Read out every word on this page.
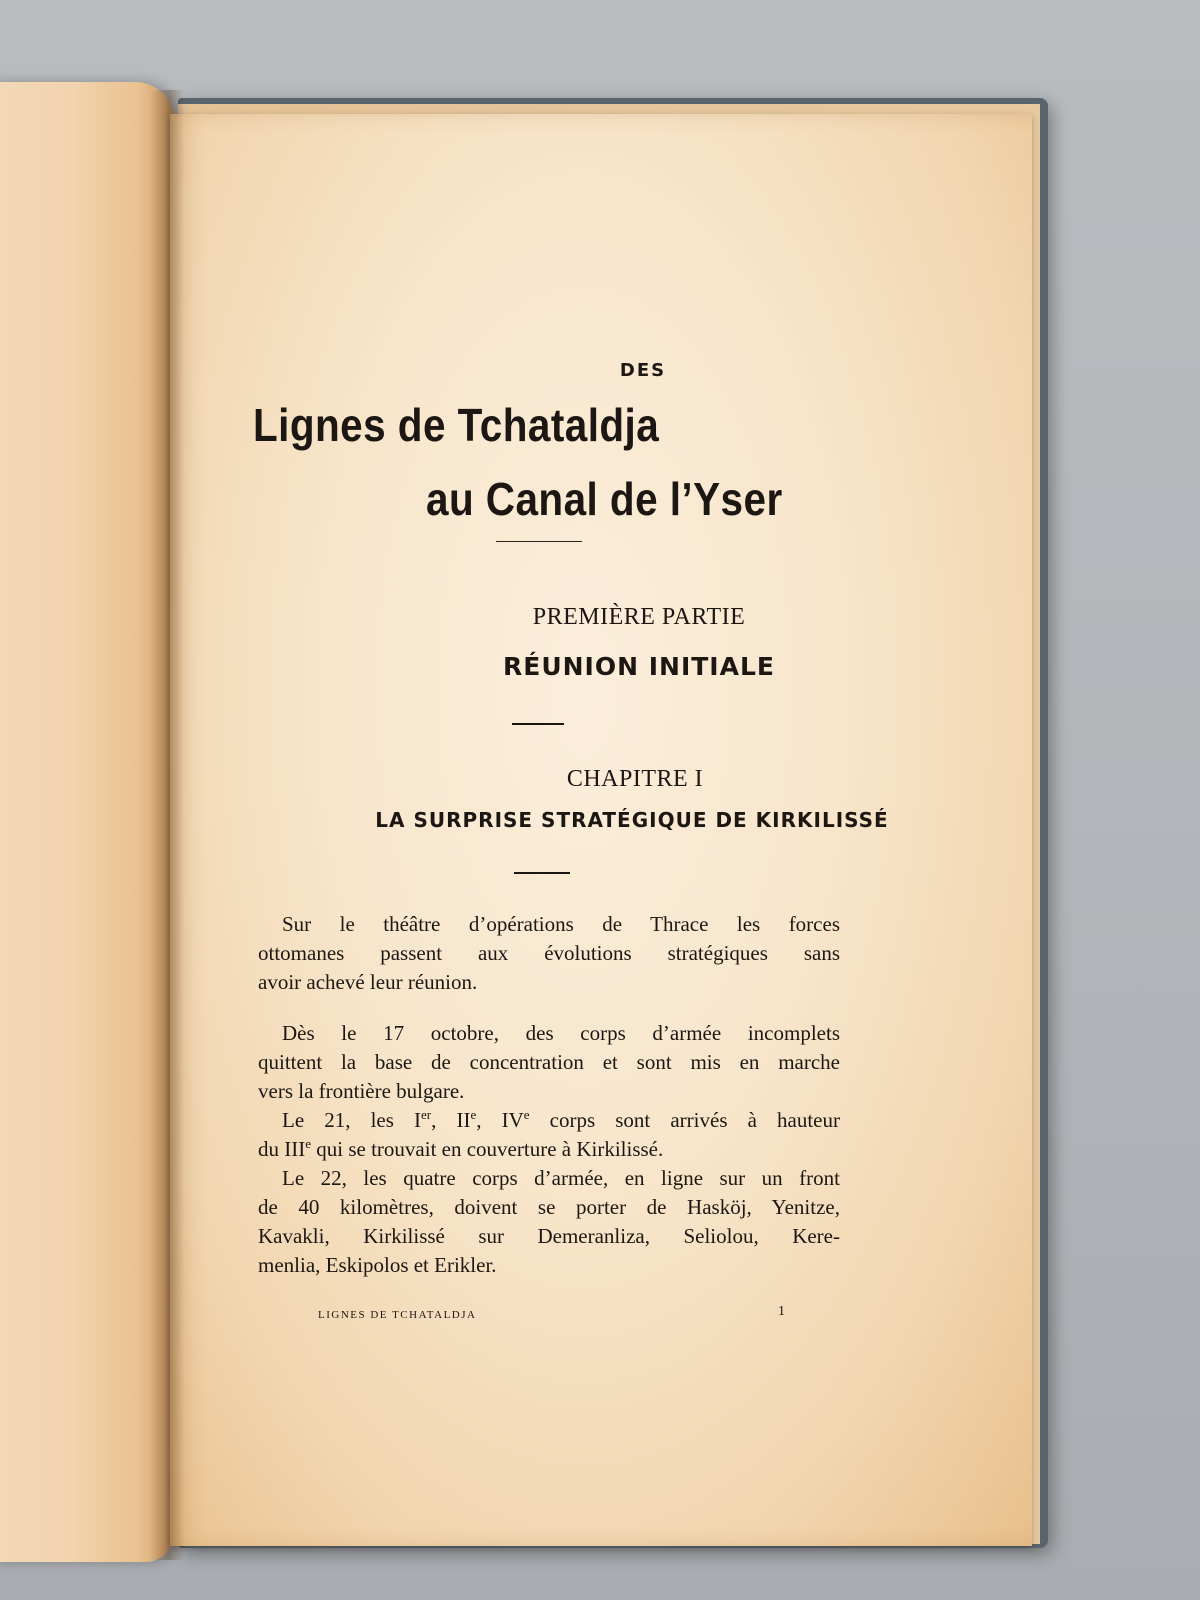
DES
Lignes de Tchataldja
au Canal de l’Yser
PREMIÈRE PARTIE
RÉUNION INITIALE
CHAPITRE I
LA SURPRISE STRATÉGIQUE DE KIRKILISSÉ
Sur le théâtre d’opérations de Thrace les forces
ottomanes passent aux évolutions stratégiques sans
avoir achevé leur réunion.
Dès le 17 octobre, des corps d’armée incomplets
quittent la base de concentration et sont mis en marche
vers la frontière bulgare.
Le 21, les Ier, IIe, IVe corps sont arrivés à hauteur
du IIIe qui se trouvait en couverture à Kirkilissé.
Le 22, les quatre corps d’armée, en ligne sur un front
de 40 kilomètres, doivent se porter de Hasköj, Yenitze,
Kavakli, Kirkilissé sur Demeranliza, Seliolou, Kere-
menlia, Eskipolos et Erikler.
LIGNES DE TCHATALDJA	1
